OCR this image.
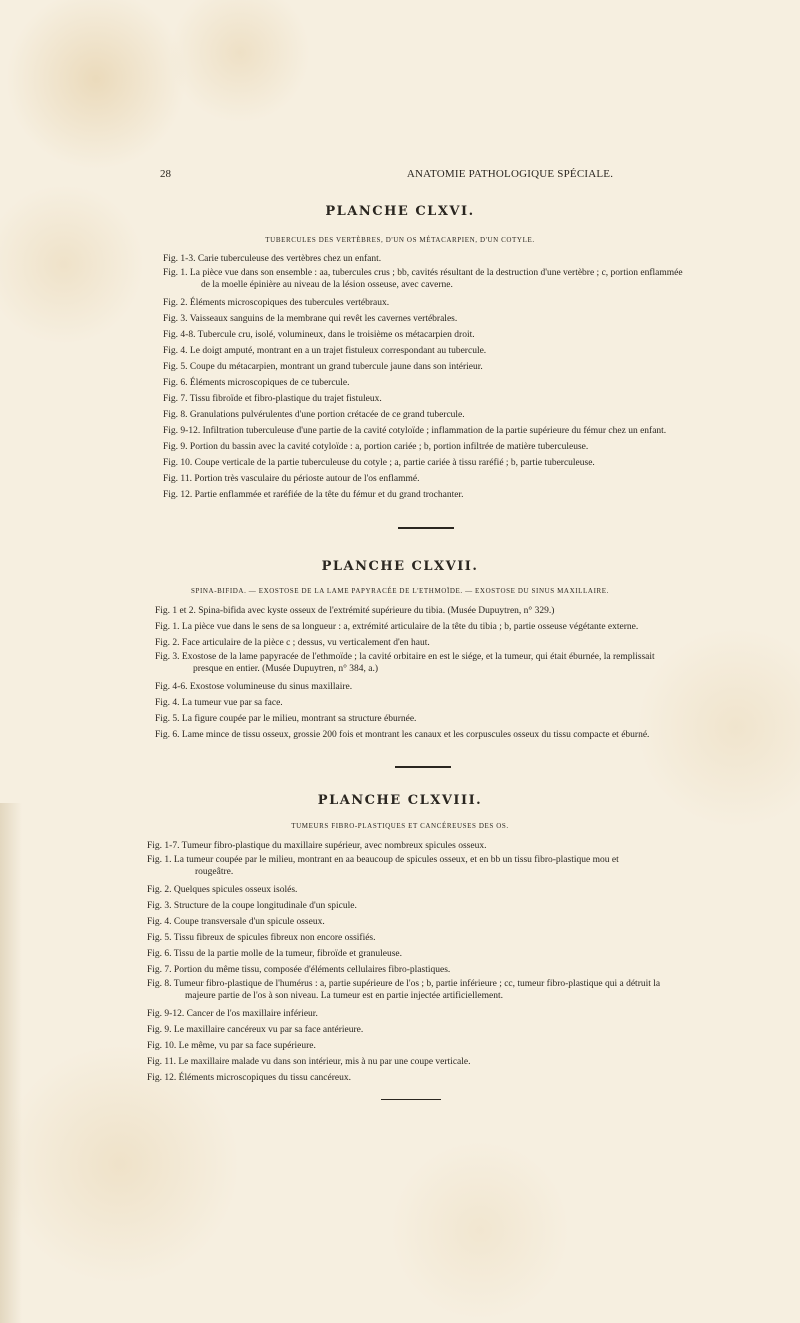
28	ANATOMIE PATHOLOGIQUE SPÉCIALE.
PLANCHE CLXVI.
TUBERCULES DES VERTÈBRES, D'UN OS MÉTACARPIEN, D'UN COTYLE.
Fig. 1-3. Carie tuberculeuse des vertèbres chez un enfant.
Fig. 1. La pièce vue dans son ensemble : aa, tubercules crus ; bb, cavités résultant de la destruction d'une vertèbre ; c, portion enflammée
de la moelle épinière au niveau de la lésion osseuse, avec caverne.
Fig. 2. Éléments microscopiques des tubercules vertébraux.
Fig. 3. Vaisseaux sanguins de la membrane qui revêt les cavernes vertébrales.
Fig. 4-8. Tubercule cru, isolé, volumineux, dans le troisième os métacarpien droit.
Fig. 4. Le doigt amputé, montrant en a un trajet fistuleux correspondant au tubercule.
Fig. 5. Coupe du métacarpien, montrant un grand tubercule jaune dans son intérieur.
Fig. 6. Éléments microscopiques de ce tubercule.
Fig. 7. Tissu fibroïde et fibro-plastique du trajet fistuleux.
Fig. 8. Granulations pulvérulentes d'une portion crétacée de ce grand tubercule.
Fig. 9-12. Infiltration tuberculeuse d'une partie de la cavité cotyloïde ; inflammation de la partie supérieure du fémur chez un enfant.
Fig. 9. Portion du bassin avec la cavité cotyloïde : a, portion cariée ; b, portion infiltrée de matière tuberculeuse.
Fig. 10. Coupe verticale de la partie tuberculeuse du cotyle ; a, partie cariée à tissu raréfié ; b, partie tuberculeuse.
Fig. 11. Portion très vasculaire du périoste autour de l'os enflammé.
Fig. 12. Partie enflammée et raréfiée de la tête du fémur et du grand trochanter.
PLANCHE CLXVII.
SPINA-BIFIDA. — EXOSTOSE DE LA LAME PAPYRACÉE DE L'ETHMOÏDE. — EXOSTOSE DU SINUS MAXILLAIRE.
Fig. 1 et 2. Spina-bifida avec kyste osseux de l'extrémité supérieure du tibia. (Musée Dupuytren, n° 329.)
Fig. 1. La pièce vue dans le sens de sa longueur : a, extrémité articulaire de la tête du tibia ; b, partie osseuse végétante externe.
Fig. 2. Face articulaire de la pièce c ; dessus, vu verticalement d'en haut.
Fig. 3. Exostose de la lame papyracée de l'ethmoïde ; la cavité orbitaire en est le siége, et la tumeur, qui était éburnée, la remplissait
presque en entier. (Musée Dupuytren, n° 384, a.)
Fig. 4-6. Exostose volumineuse du sinus maxillaire.
Fig. 4. La tumeur vue par sa face.
Fig. 5. La figure coupée par le milieu, montrant sa structure éburnée.
Fig. 6. Lame mince de tissu osseux, grossie 200 fois et montrant les canaux et les corpuscules osseux du tissu compacte et éburné.
PLANCHE CLXVIII.
TUMEURS FIBRO-PLASTIQUES ET CANCÉREUSES DES OS.
Fig. 1-7. Tumeur fibro-plastique du maxillaire supérieur, avec nombreux spicules osseux.
Fig. 1. La tumeur coupée par le milieu, montrant en aa beaucoup de spicules osseux, et en bb un tissu fibro-plastique mou et
rougeâtre.
Fig. 2. Quelques spicules osseux isolés.
Fig. 3. Structure de la coupe longitudinale d'un spicule.
Fig. 4. Coupe transversale d'un spicule osseux.
Fig. 5. Tissu fibreux de spicules fibreux non encore ossifiés.
Fig. 6. Tissu de la partie molle de la tumeur, fibroïde et granuleuse.
Fig. 7. Portion du même tissu, composée d'éléments cellulaires fibro-plastiques.
Fig. 8. Tumeur fibro-plastique de l'humérus : a, partie supérieure de l'os ; b, partie inférieure ; cc, tumeur fibro-plastique qui a détruit la
majeure partie de l'os à son niveau. La tumeur est en partie injectée artificiellement.
Fig. 9-12. Cancer de l'os maxillaire inférieur.
Fig. 9. Le maxillaire cancéreux vu par sa face antérieure.
Fig. 10. Le même, vu par sa face supérieure.
Fig. 11. Le maxillaire malade vu dans son intérieur, mis à nu par une coupe verticale.
Fig. 12. Éléments microscopiques du tissu cancéreux.
